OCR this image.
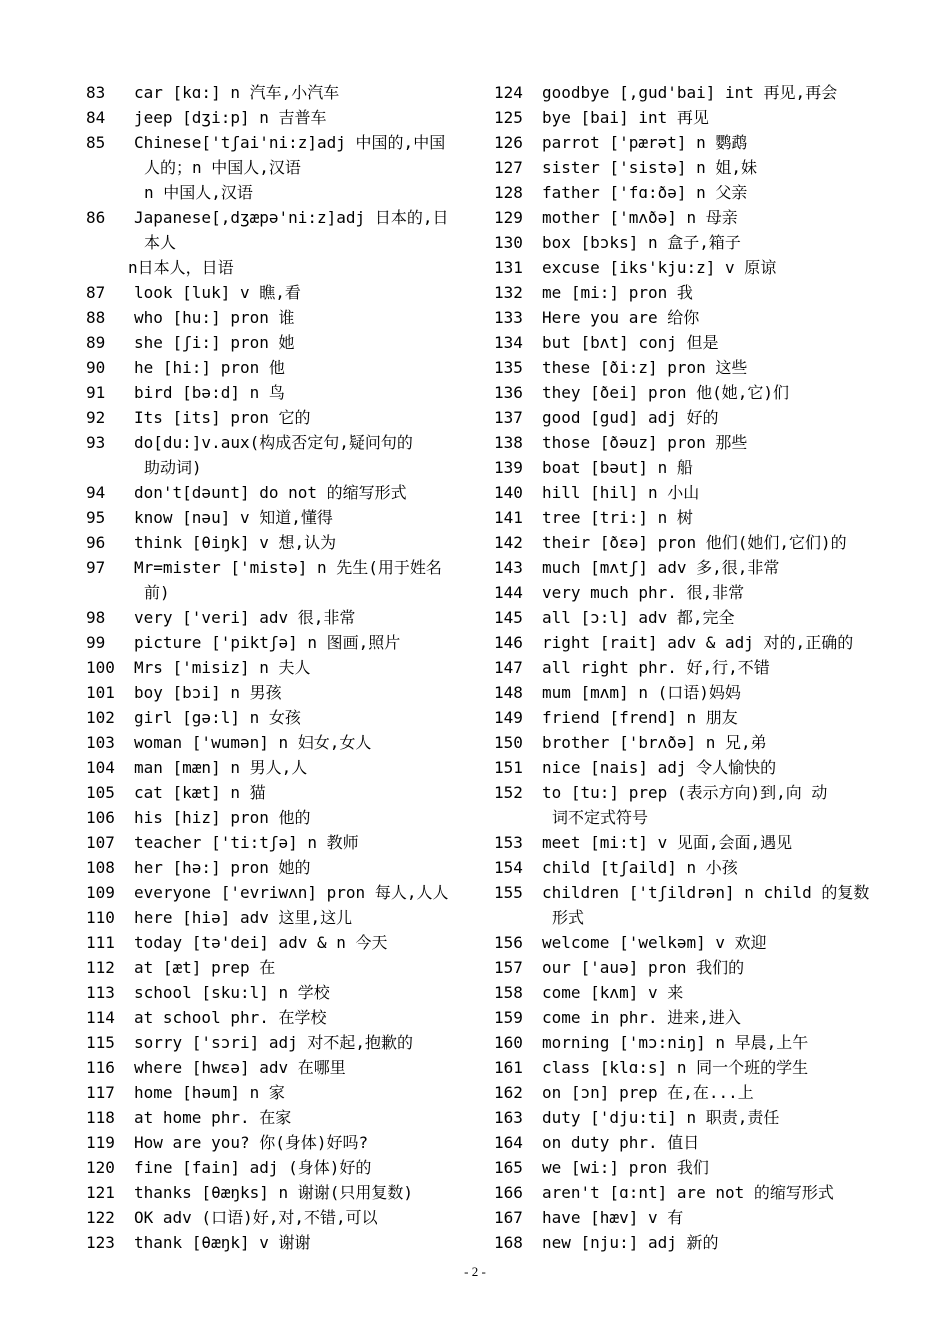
83	car [kɑ:] n 汽车,小汽车
84	jeep [dʒi:p] n 吉普车
85	Chinese['tʃai'ni:z]adj 中国的,中国
人的；n 中国人,汉语
n 中国人,汉语
86	Japanese[,dʒæpə'ni:z]adj 日本的,日
本人
n日本人，日语
87	look [luk] v 瞧,看
88	who [hu:] pron 谁
89	she [ʃi:] pron 她
90	he [hi:] pron 他
91	bird [bə:d] n 鸟
92	Its [its] pron 它的
93	do[du:]v.aux(构成否定句,疑问句的
助动词)
94	don't[dəunt] do not 的缩写形式
95	know [nəu] v 知道,懂得
96	think [θiŋk] v 想,认为
97	Mr=mister ['mistə] n 先生(用于姓名
前)
98	very ['veri] adv 很,非常
99	picture ['piktʃə] n 图画,照片
100	Mrs ['misiz] n 夫人
101	boy [bɔi] n 男孩
102	girl [gə:l] n 女孩
103	woman ['wumən] n 妇女,女人
104	man [mæn] n 男人,人
105	cat [kæt] n 猫
106	his [hiz] pron 他的
107	teacher ['ti:tʃə] n 教师
108	her [hə:] pron 她的
109	everyone ['evriwʌn] pron 每人,人人
110	here [hiə] adv 这里,这儿
111	today [tə'dei] adv & n 今天
112	at [æt] prep 在
113	school [sku:l] n 学校
114	at school phr. 在学校
115	sorry ['sɔri] adj 对不起,抱歉的
116	where [hwεə] adv 在哪里
117	home [həum] n 家
118	at home phr. 在家
119	How are you? 你(身体)好吗?
120	fine [fain] adj (身体)好的
121	thanks [θæŋks] n 谢谢(只用复数)
122	OK adv (口语)好,对,不错,可以
123	thank [θæŋk] v 谢谢
124	goodbye [,gud'bai] int 再见,再会
125	bye [bai] int 再见
126	parrot ['pærət] n 鹦鹉
127	sister ['sistə] n 姐,妹
128	father ['fɑ:ðə] n 父亲
129	mother ['mʌðə] n 母亲
130	box [bɔks] n 盒子,箱子
131	excuse [iks'kju:z] v 原谅
132	me [mi:] pron 我
133	Here you are 给你
134	but [bʌt] conj 但是
135	these [ði:z] pron 这些
136	they [ðei] pron 他(她,它)们
137	good [gud] adj 好的
138	those [ðəuz] pron 那些
139	boat [bəut] n 船
140	hill [hil] n 小山
141	tree [tri:] n 树
142	their [ðεə] pron 他们(她们,它们)的
143	much [mʌtʃ] adv 多,很,非常
144	very much phr. 很,非常
145	all [ɔ:l] adv 都,完全
146	right [rait] adv & adj 对的,正确的
147	all right phr. 好,行,不错
148	mum [mʌm] n (口语)妈妈
149	friend [frend] n 朋友
150	brother ['brʌðə] n 兄,弟
151	nice [nais] adj 令人愉快的
152	to [tu:] prep (表示方向)到,向 动
词不定式符号
153	meet [mi:t] v 见面,会面,遇见
154	child [tʃaild] n 小孩
155	children ['tʃildrən] n child 的复数
形式
156	welcome ['welkəm] v 欢迎
157	our ['auə] pron 我们的
158	come [kʌm] v 来
159	come in phr. 进来,进入
160	morning ['mɔ:niŋ] n 早晨,上午
161	class [klɑ:s] n 同一个班的学生
162	on [ɔn] prep 在,在...上
163	duty ['dju:ti] n 职责,责任
164	on duty phr. 值日
165	we [wi:] pron 我们
166	aren't [ɑ:nt] are not 的缩写形式
167	have [hæv] v 有
168	new [nju:] adj 新的
- 2 -
